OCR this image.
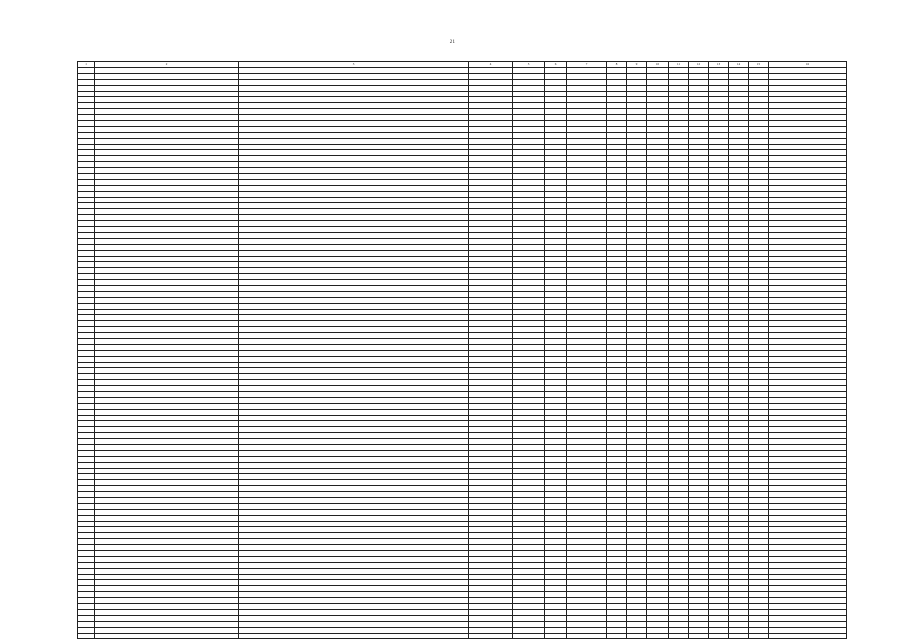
21
1	2	3	4	5	6	7	8	9	10	11	12	13	14	15	16
